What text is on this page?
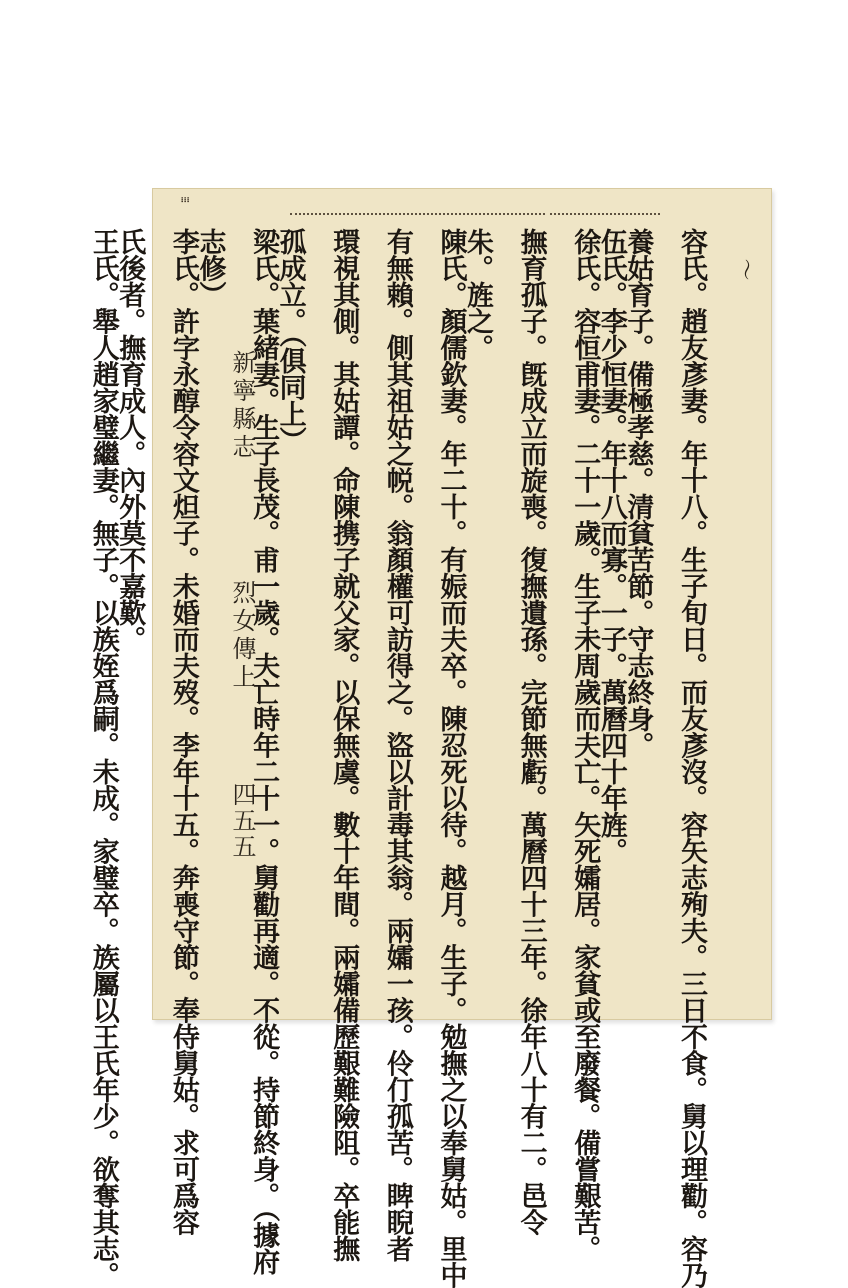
⁝⁝⁝
〜
容氏。趙友彥妻。年十八。生子旬日。而友彥沒。容矢志殉夫。三日不食。舅以理勸。容乃
養姑育子。備極孝慈。清貧苦節。守志終身。
伍氏。李少恒妻。年十八而寡。一子。萬曆四十年旌。
徐氏。容恒甫妻。二十一歲。生子未周歲而夫亡。矢死孀居。家貧或至廢餐。備嘗艱苦。
撫育孤子。旣成立而旋喪。復撫遺孫。完節無虧。萬曆四十三年。徐年八十有二。邑令
朱。旌之。
陳氏。顏儒欽妻。年二十。有娠而夫卒。陳忍死以待。越月。生子。勉撫之以奉舅姑。里中
有無賴。側其祖姑之帨。翁顏權可訪得之。盜以計毒其翁。兩孀一孩。伶仃孤苦。睥睨者
環視其側。其姑譚。命陳携子就父家。以保無虞。數十年間。兩孀備歷艱難險阻。卒能撫
孤成立。（俱同上）
梁氏。葉緒妻。生子長茂。甫一歲。夫亡時年二十一。舅勸再適。不從。持節終身。（據府
志修）
李氏。許字永醇令容文炟子。未婚而夫歿。李年十五。奔喪守節。奉侍舅姑。求可爲容
氏後者。撫育成人。內外莫不嘉歎。
王氏。舉人趙家璧繼妻。無子。以族姪爲嗣。未成。家璧卒。族屬以王氏年少。欲奪其志。	新寧縣志
烈女傳上
四五五
